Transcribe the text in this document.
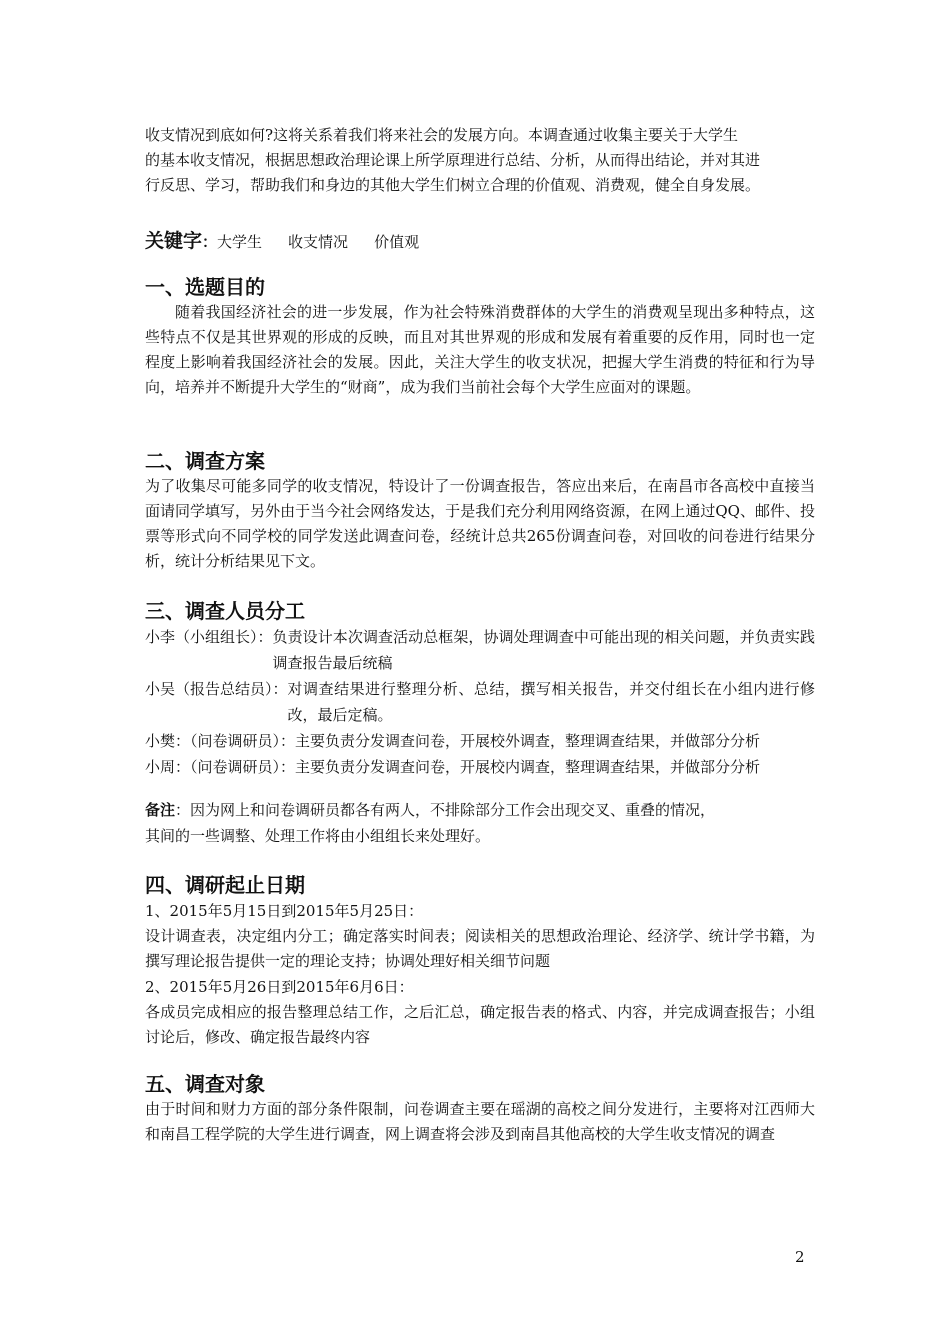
收支情况到底如何?这将关系着我们将来社会的发展方向。本调查通过收集主要关于大学生

的基本收支情况，根据思想政治理论课上所学原理进行总结、分析，从而得出结论，并对其进

行反思、学习，帮助我们和身边的其他大学生们树立合理的价值观、消费观，健全自身发展。

关键字：大学生 收支情况 价值观
一、选题目的

随着我国经济社会的进一步发展，作为社会特殊消费群体的大学生的消费观呈现出多种特点，这些特点不仅是其世界观的形成的反映，而且对其世界观的形成和发展有着重要的反作用，同时也一定程度上影响着我国经济社会的发展。因此，关注大学生的收支状况，把握大学生消费的特征和行为导向，培养并不断提升大学生的“财商”，成为我们当前社会每个大学生应面对的课题。

二、调查方案

为了收集尽可能多同学的收支情况，特设计了一份调查报告，答应出来后，在南昌市各高校中直接当面请同学填写，另外由于当今社会网络发达，于是我们充分利用网络资源，在网上通过QQ、邮件、投票等形式向不同学校的同学发送此调查问卷，经统计总共265份调查问卷，对回收的问卷进行结果分析，统计分析结果见下文。

三、调查人员分工
小李（小组组长）： 负责设计本次调查活动总框架，协调处理调查中可能出现的相关问题，并负责实践调查报告最后统稿
小吴（报告总结员）： 对调查结果进行整理分析、总结，撰写相关报告，并交付组长在小组内进行修改，最后定稿。
小樊：（问卷调研员）： 主要负责分发调查问卷，开展校外调查，整理调查结果，并做部分分析
小周：（问卷调研员）： 主要负责分发调查问卷，开展校内调查，整理调查结果，并做部分分析

备注：因为网上和问卷调研员都各有两人，不排除部分工作会出现交叉、重叠的情况，

其间的一些调整、处理工作将由小组组长来处理好。

四、调研起止日期

1、2015年5月15日到2015年5月25日：

设计调查表，决定组内分工；确定落实时间表；阅读相关的思想政治理论、经济学、统计学书籍，为撰写理论报告提供一定的理论支持；协调处理好相关细节问题

2、2015年5月26日到2015年6月6日：

各成员完成相应的报告整理总结工作，之后汇总，确定报告表的格式、内容，并完成调查报告；小组讨论后，修改、确定报告最终内容

五、调查对象

由于时间和财力方面的部分条件限制，问卷调查主要在瑶湖的高校之间分发进行，主要将对江西师大和南昌工程学院的大学生进行调查，网上调查将会涉及到南昌其他高校的大学生收支情况的调查

2
